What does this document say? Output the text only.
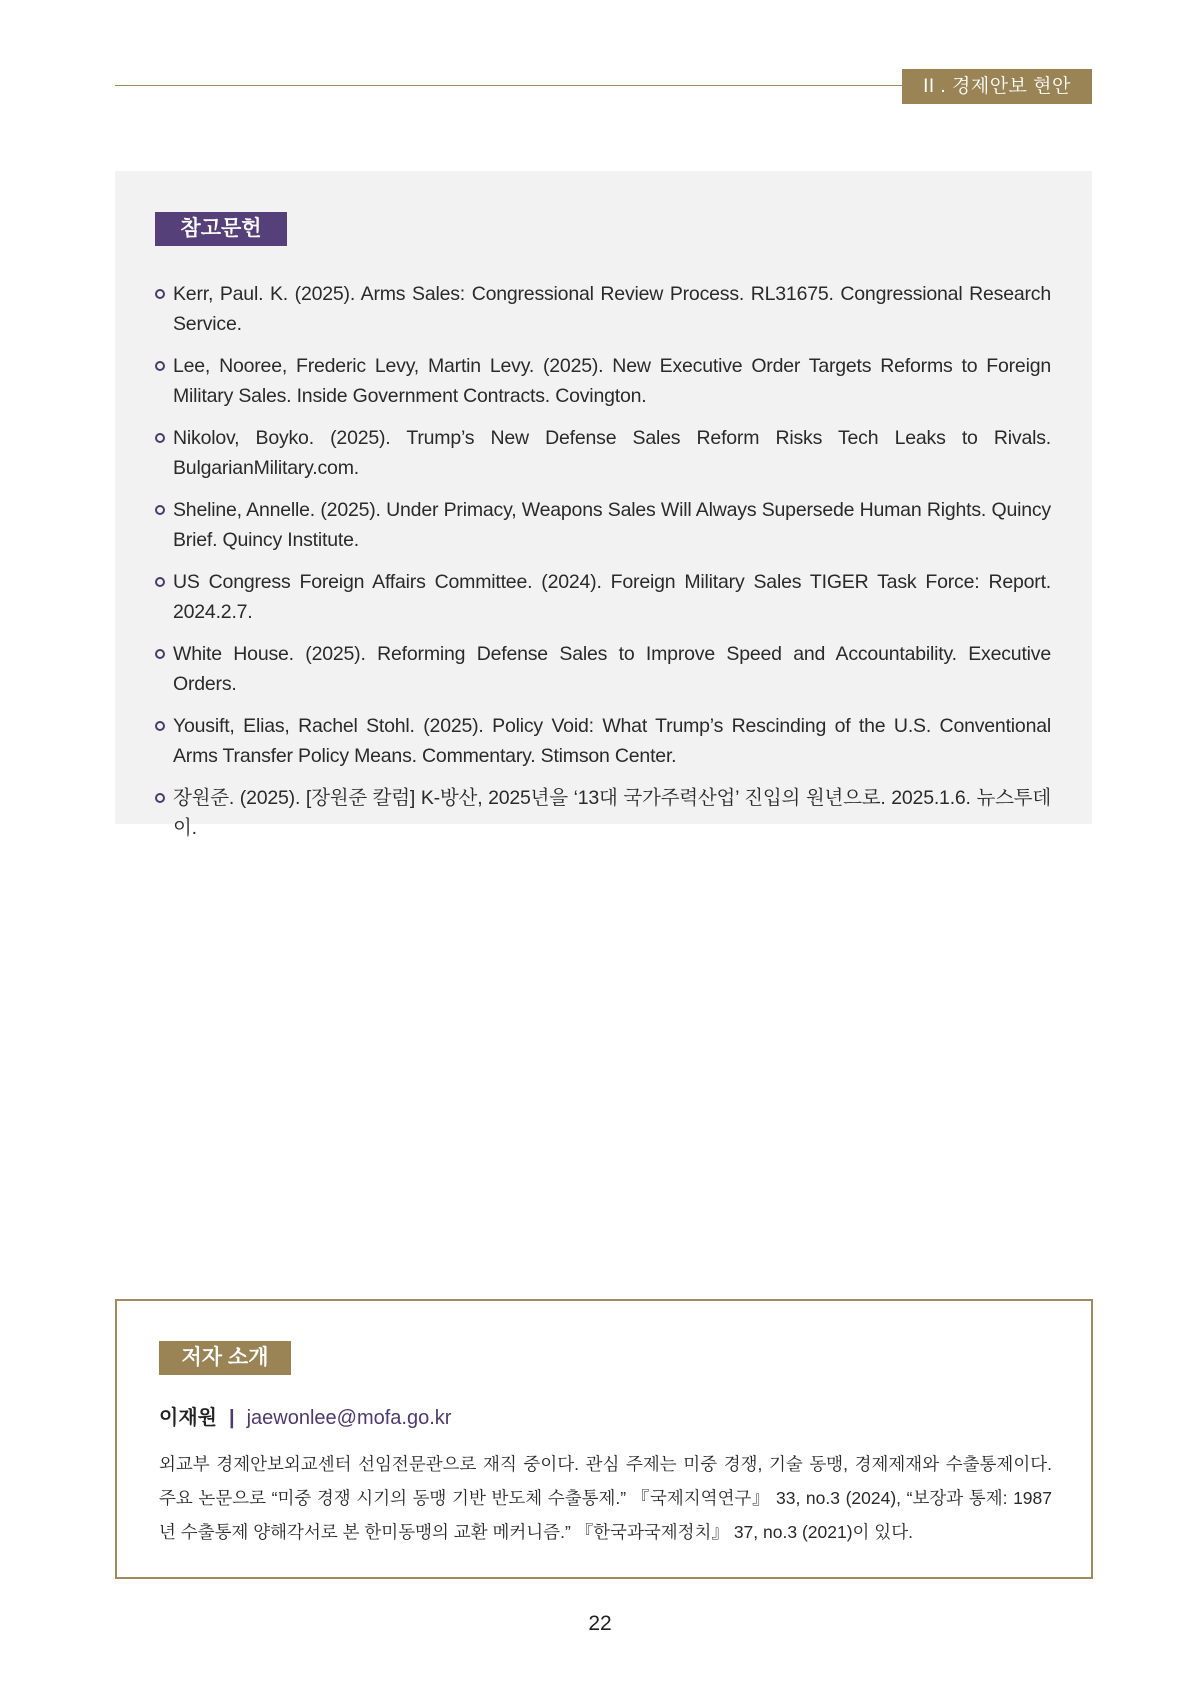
II . 경제안보 현안
참고문헌
Kerr, Paul. K. (2025). Arms Sales: Congressional Review Process. RL31675. Congressional Research Service.
Lee, Nooree, Frederic Levy, Martin Levy. (2025). New Executive Order Targets Reforms to Foreign Military Sales. Inside Government Contracts. Covington.
Nikolov, Boyko. (2025). Trump’s New Defense Sales Reform Risks Tech Leaks to Rivals. BulgarianMilitary.com.
Sheline, Annelle. (2025). Under Primacy, Weapons Sales Will Always Supersede Human Rights. Quincy Brief. Quincy Institute.
US Congress Foreign Affairs Committee. (2024). Foreign Military Sales TIGER Task Force: Report. 2024.2.7.
White House. (2025). Reforming Defense Sales to Improve Speed and Accountability. Executive Orders.
Yousift, Elias, Rachel Stohl. (2025). Policy Void: What Trump’s Rescinding of the U.S. Conventional Arms Transfer Policy Means. Commentary. Stimson Center.
장원준. (2025). [장원준 칼럼] K-방산, 2025년을 ‘13대 국가주력산업’ 진입의 원년으로. 2025.1.6. 뉴스투데이.
저자 소개
이재원 | jaewonlee@mofa.go.kr

외교부 경제안보외교센터 선임전문관으로 재직 중이다. 관심 주제는 미중 경쟁, 기술 동맹, 경제제재와 수출통제이다. 주요 논문으로 “미중 경쟁 시기의 동맹 기반 반도체 수출통제.” 『국제지역연구』 33, no.3 (2024), “보장과 통제: 1987년 수출통제 양해각서로 본 한미동맹의 교환 메커니즘.” 『한국과국제정치』 37, no.3 (2021)이 있다.

22
